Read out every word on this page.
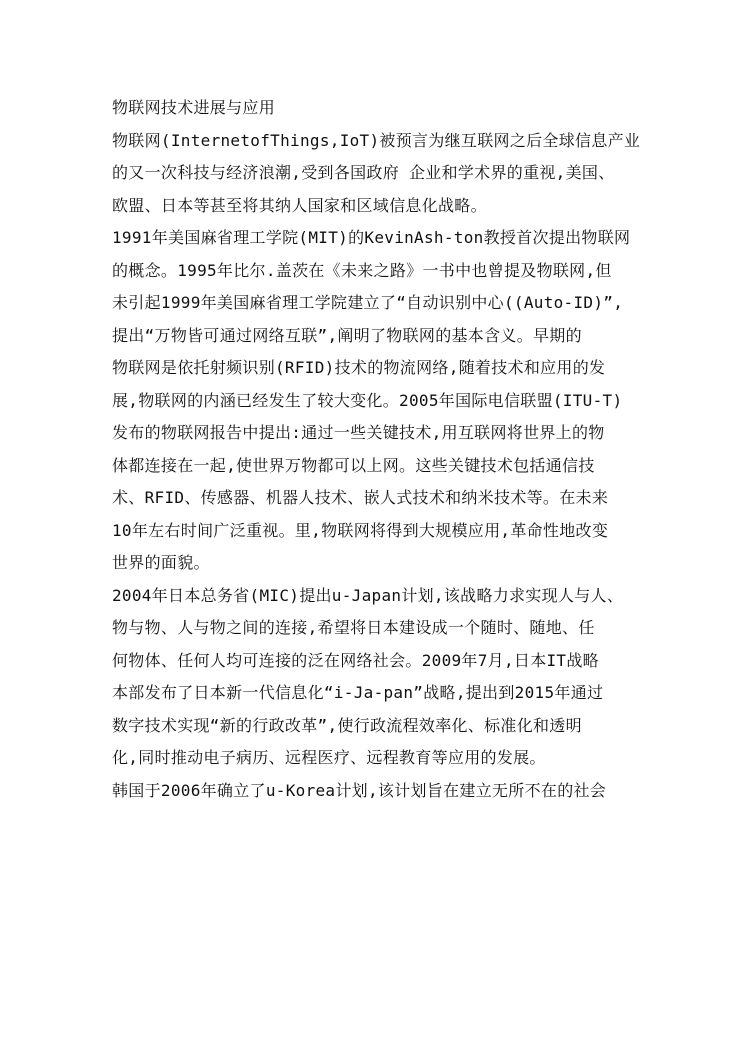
物联网技术进展与应用
物联网(InternetofThings,IoT)被预言为继互联网之后全球信息产业
的又一次科技与经济浪潮,受到各国政府 企业和学术界的重视,美国、
欧盟、日本等甚至将其纳人国家和区域信息化战略。
1991年美国麻省理工学院(MIT)的KevinAsh-ton教授首次提出物联网
的概念。1995年比尔.盖茨在《未来之路》一书中也曾提及物联网,但
未引起1999年美国麻省理工学院建立了“自动识别中心((Auto-ID)”,
提出“万物皆可通过网络互联”,阐明了物联网的基本含义。早期的
物联网是依托射频识别(RFID)技术的物流网络,随着技术和应用的发
展,物联网的内涵已经发生了较大变化。2005年国际电信联盟(ITU-T)
发布的物联网报告中提出:通过一些关键技术,用互联网将世界上的物
体都连接在一起,使世界万物都可以上网。这些关键技术包括通信技
术、RFID、传感器、机器人技术、嵌人式技术和纳米技术等。在未来
10年左右时间广泛重视。里,物联网将得到大规模应用,革命性地改变
世界的面貌。
2004年日本总务省(MIC)提出u-Japan计划,该战略力求实现人与人、
物与物、人与物之间的连接,希望将日本建设成一个随时、随地、任
何物体、任何人均可连接的泛在网络社会。2009年7月,日本IT战略
本部发布了日本新一代信息化“i-Ja-pan”战略,提出到2015年通过
数字技术实现“新的行政改革”,使行政流程效率化、标准化和透明
化,同时推动电子病历、远程医疗、远程教育等应用的发展。
韩国于2006年确立了u-Korea计划,该计划旨在建立无所不在的社会
